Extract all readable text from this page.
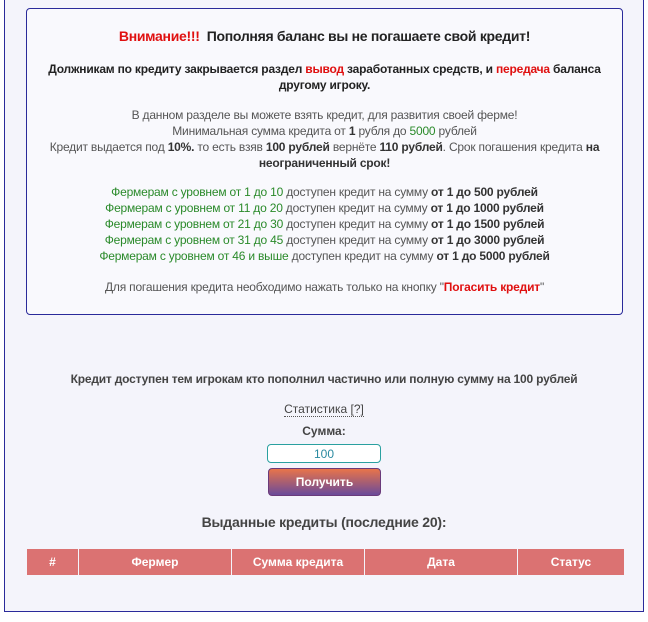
Внимание!!! Пополняя баланс вы не погашаете свой кредит!
Должникам по кредиту закрывается раздел вывод заработанных средств, и передача баланса другому игроку.
В данном разделе вы можете взять кредит, для развития своей ферме!
Минимальная сумма кредита от 1 рубля до 5000 рублей
Кредит выдается под 10%. то есть взяв 100 рублей вернёте 110 рублей. Срок погашения кредита на неограниченный срок!
Фермерам с уровнем от 1 до 10 доступен кредит на сумму от 1 до 500 рублей
Фермерам с уровнем от 11 до 20 доступен кредит на сумму от 1 до 1000 рублей
Фермерам с уровнем от 21 до 30 доступен кредит на сумму от 1 до 1500 рублей
Фермерам с уровнем от 31 до 45 доступен кредит на сумму от 1 до 3000 рублей
Фермерам с уровнем от 46 и выше доступен кредит на сумму от 1 до 5000 рублей
Для погашения кредита необходимо нажать только на кнопку "Погасить кредит"
Кредит доступен тем игрокам кто пополнил частично или полную сумму на 100 рублей
Статистика [?]
Сумма:
100
Получить
Выданные кредиты (последние 20):
#	Фермер	Сумма кредита	Дата	Статус
